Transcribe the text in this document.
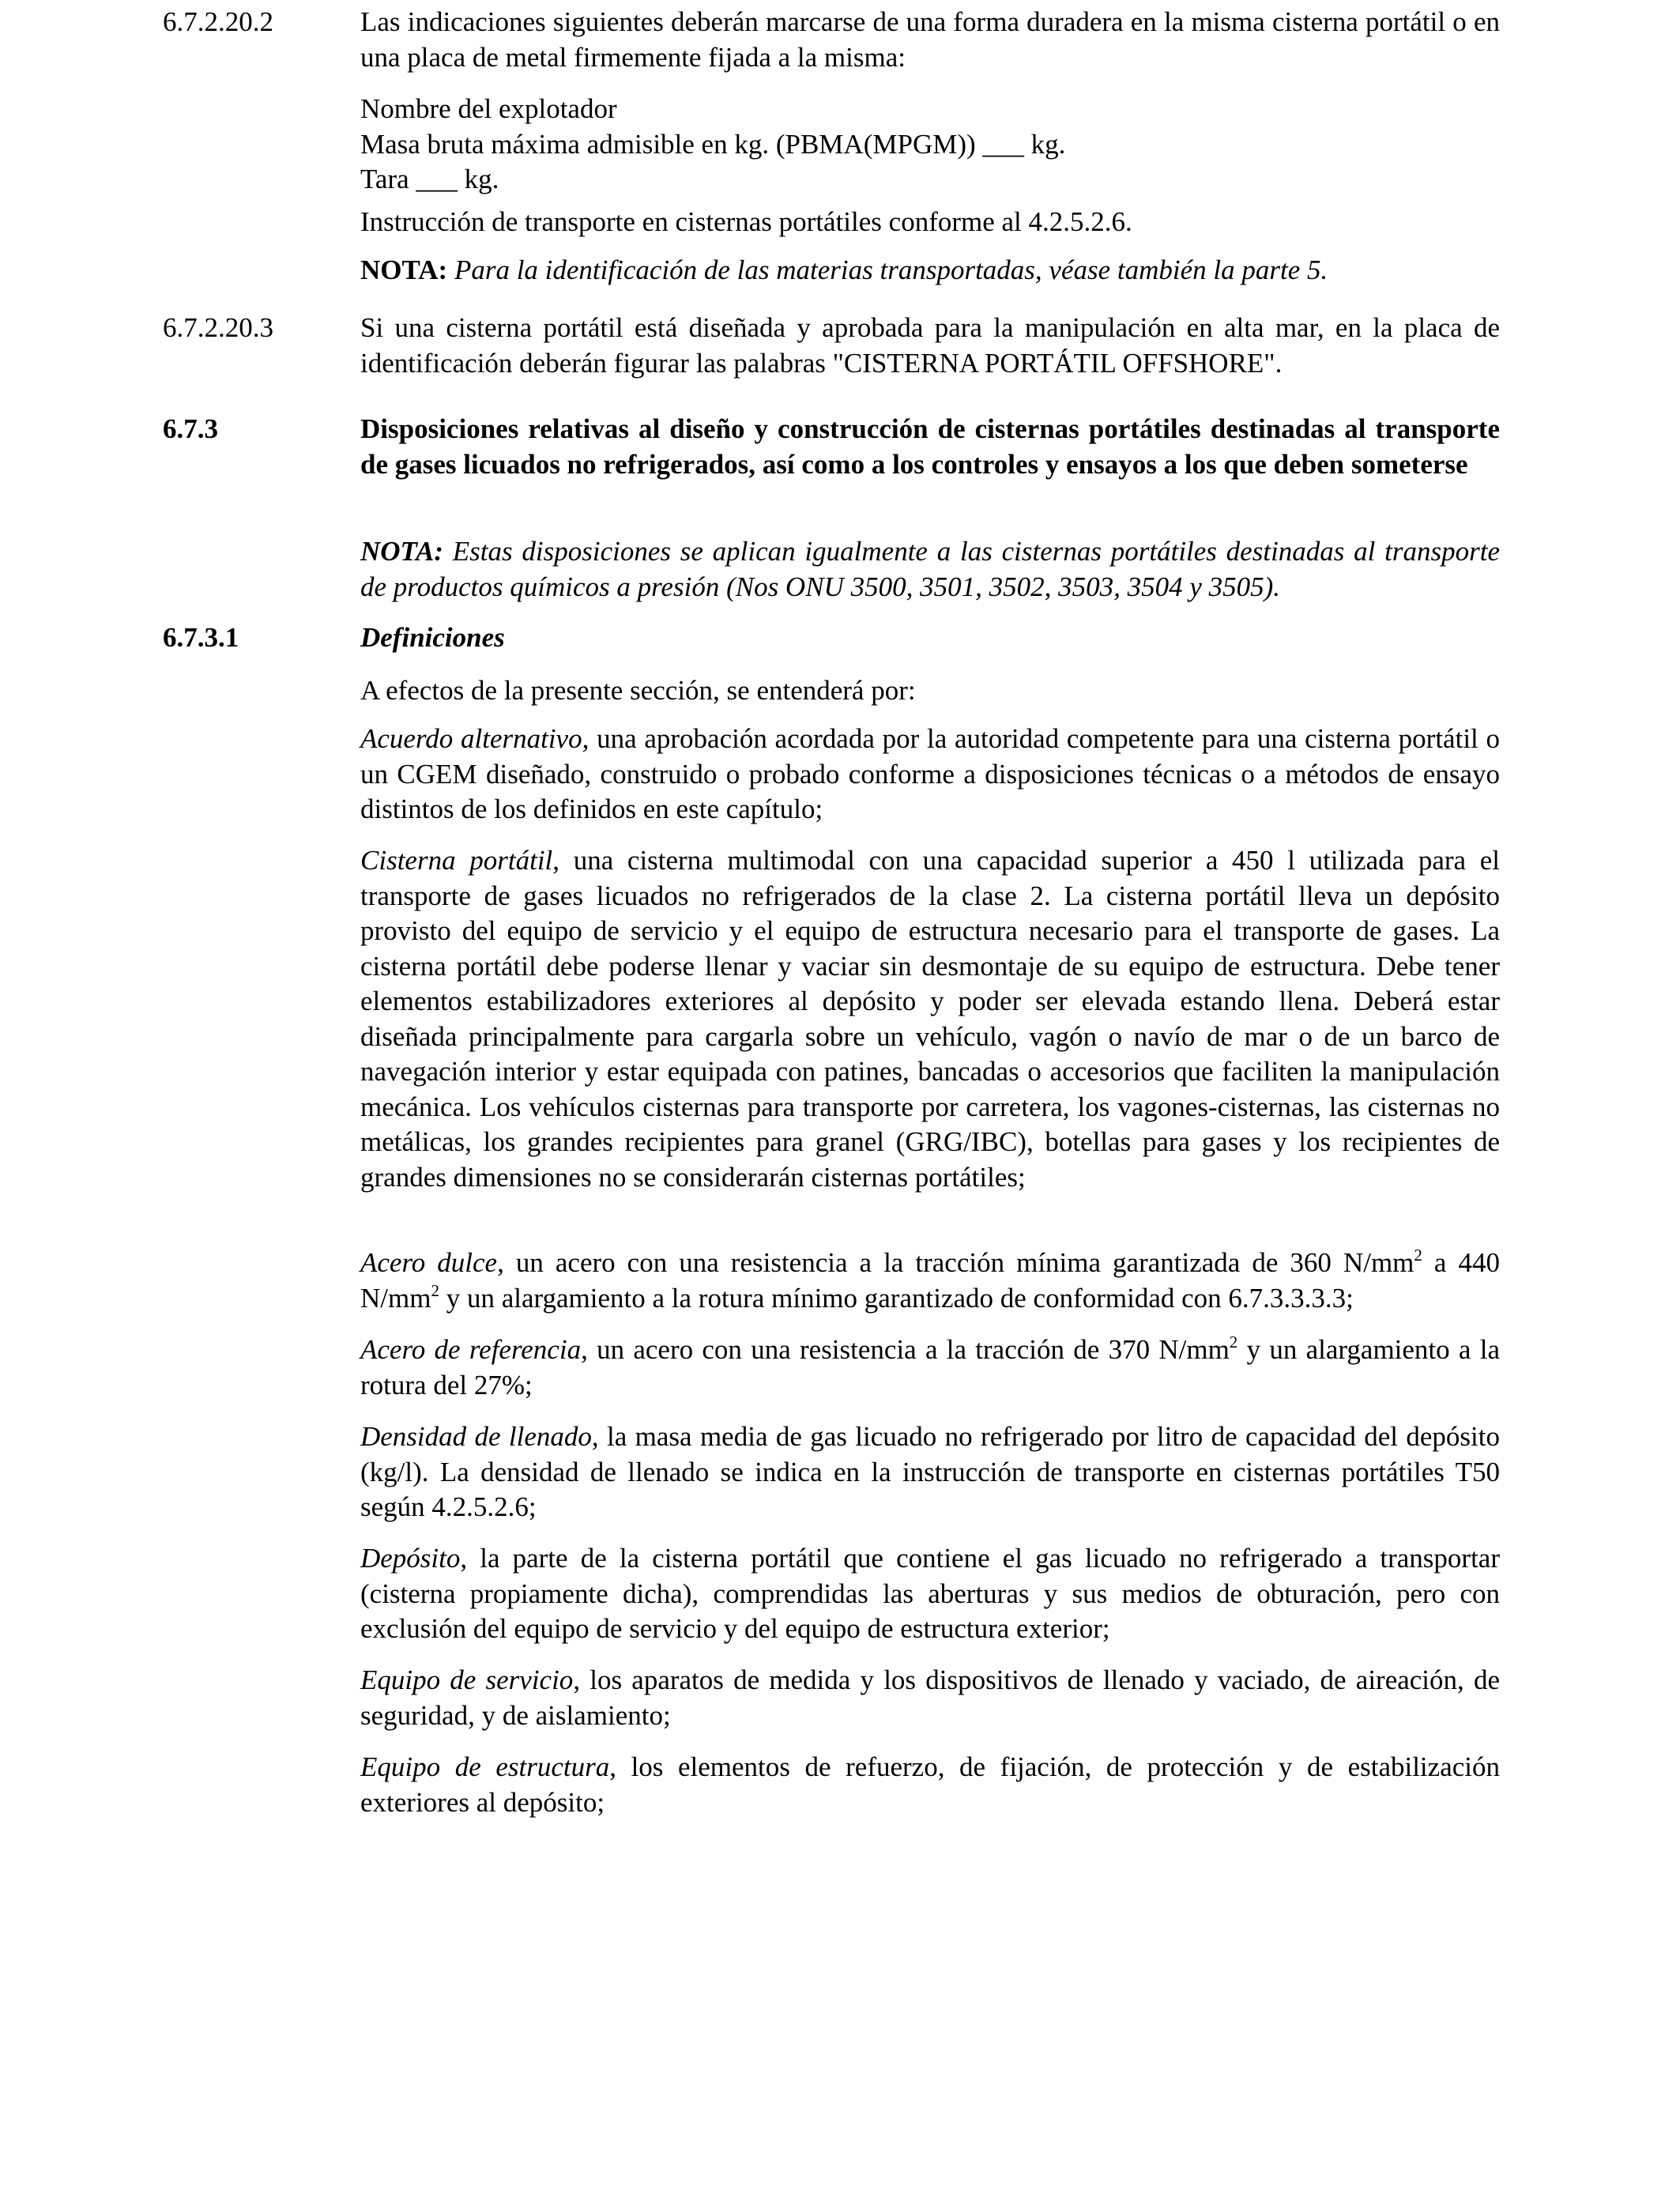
6.7.2.20.2	Las indicaciones siguientes deberán marcarse de una forma duradera en la misma cisterna portátil o en una placa de metal firmemente fijada a la misma:

Nombre del explotador
Masa bruta máxima admisible en kg. (PBMA(MPGM)) ___ kg.
Tara ___ kg.

Instrucción de transporte en cisternas portátiles conforme al 4.2.5.2.6.

NOTA: Para la identificación de las materias transportadas, véase también la parte 5.

6.7.2.20.3	Si una cisterna portátil está diseñada y aprobada para la manipulación en alta mar, en la placa de identificación deberán figurar las palabras "CISTERNA PORTÁTIL OFFSHORE".

6.7.3	Disposiciones relativas al diseño y construcción de cisternas portátiles destinadas al transporte de gases licuados no refrigerados, así como a los controles y ensayos a los que deben someterse

NOTA: Estas disposiciones se aplican igualmente a las cisternas portátiles destinadas al transporte de productos químicos a presión (Nos ONU 3500, 3501, 3502, 3503, 3504 y 3505).

6.7.3.1	Definiciones

A efectos de la presente sección, se entenderá por:

Acuerdo alternativo, una aprobación acordada por la autoridad competente para una cisterna portátil o un CGEM diseñado, construido o probado conforme a disposiciones técnicas o a métodos de ensayo distintos de los definidos en este capítulo;

Cisterna portátil, una cisterna multimodal con una capacidad superior a 450 l utilizada para el transporte de gases licuados no refrigerados de la clase 2. La cisterna portátil lleva un depósito provisto del equipo de servicio y el equipo de estructura necesario para el transporte de gases. La cisterna portátil debe poderse llenar y vaciar sin desmontaje de su equipo de estructura. Debe tener elementos estabilizadores exteriores al depósito y poder ser elevada estando llena. Deberá estar diseñada principalmente para cargarla sobre un vehículo, vagón o navío de mar o de un barco de navegación interior y estar equipada con patines, bancadas o accesorios que faciliten la manipulación mecánica. Los vehículos cisternas para transporte por carretera, los vagones-cisternas, las cisternas no metálicas, los grandes recipientes para granel (GRG/IBC), botellas para gases y los recipientes de grandes dimensiones no se considerarán cisternas portátiles;

Acero dulce, un acero con una resistencia a la tracción mínima garantizada de 360 $N/mm^2$ a 440 $N/mm^2$ y un alargamiento a la rotura mínimo garantizado de conformidad con 6.7.3.3.3.3;

Acero de referencia, un acero con una resistencia a la tracción de 370 $N/mm^2$ y un alargamiento a la rotura del 27%;

Densidad de llenado, la masa media de gas licuado no refrigerado por litro de capacidad del depósito (kg/l). La densidad de llenado se indica en la instrucción de transporte en cisternas portátiles T50 según 4.2.5.2.6;

Depósito, la parte de la cisterna portátil que contiene el gas licuado no refrigerado a transportar (cisterna propiamente dicha), comprendidas las aberturas y sus medios de obturación, pero con exclusión del equipo de servicio y del equipo de estructura exterior;

Equipo de servicio, los aparatos de medida y los dispositivos de llenado y vaciado, de aireación, de seguridad, y de aislamiento;

Equipo de estructura, los elementos de refuerzo, de fijación, de protección y de estabilización exteriores al depósito;
